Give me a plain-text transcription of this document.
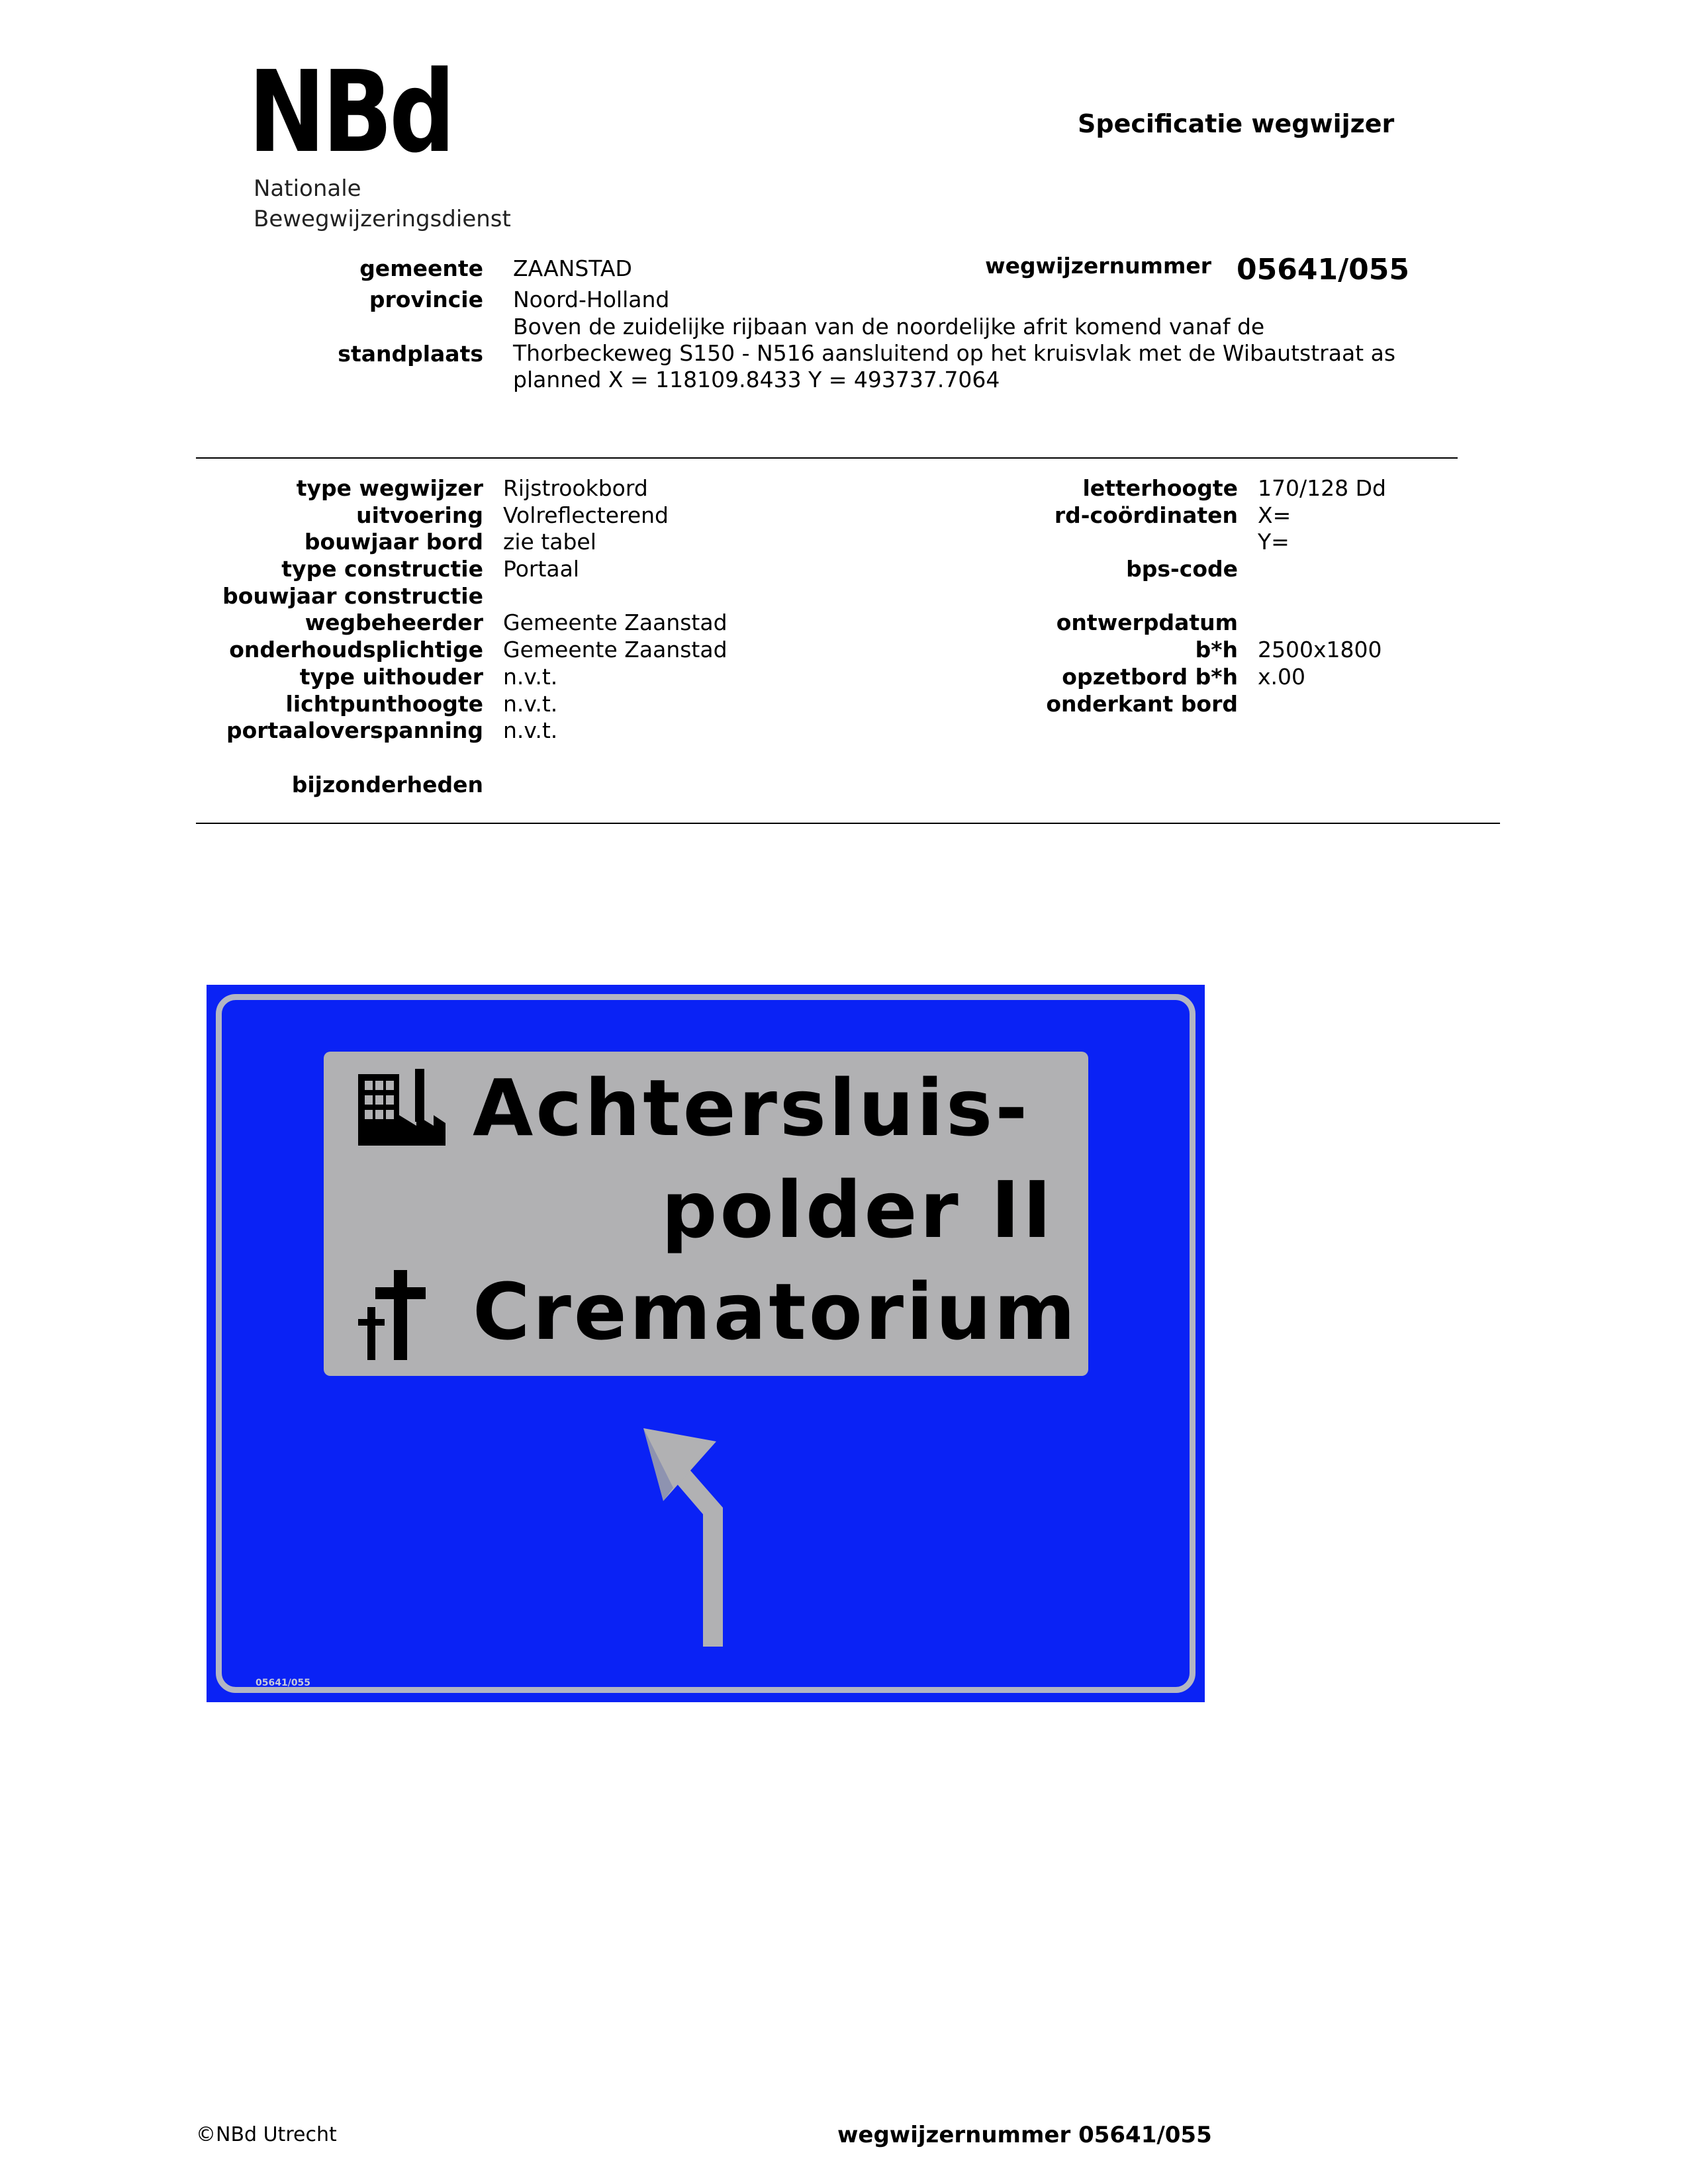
NBd
Nationale
Bewegwijzeringsdienst
Specificatie wegwijzer
gemeente ZAANSTAD
provincie Noord-Holland
standplaats
Boven de zuidelijke rijbaan van de noordelijke afrit komend vanaf de
Thorbeckeweg S150 - N516 aansluitend op het kruisvlak met de Wibautstraat as
planned X = 118109.8433 Y = 493737.7064
wegwijzernummer 05641/055
type wegwijzer
uitvoering
bouwjaar bord
type constructie
bouwjaar constructie
wegbeheerder
onderhoudsplichtige
type uithouder
lichtpunthoogte
portaaloverspanning
Rijstrookbord
Volreflecterend
zie tabel
Portaal
Gemeente Zaanstad
Gemeente Zaanstad
n.v.t.
n.v.t.
n.v.t.
bijzonderheden
letterhoogte
rd-coördinaten
bps-code
ontwerpdatum
b*h
opzetbord b*h
onderkant bord
170/128 Dd
X=
Y=
2500x1800
x.00
Achtersluis-
polder II
Crematorium
05641/055
©NBd Utrecht	wegwijzernummer 05641/055
